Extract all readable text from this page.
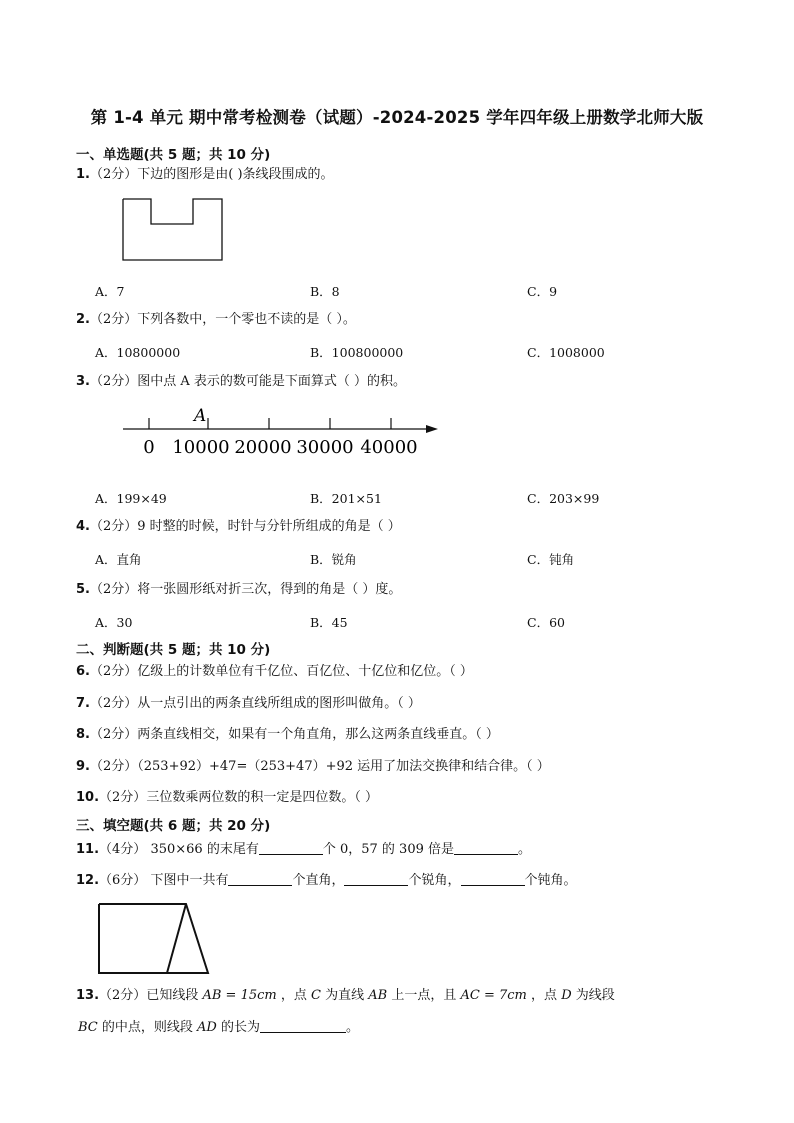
第 1-4 单元 期中常考检测卷（试题）-2024-2025 学年四年级上册数学北师大版
一、单选题(共 5 题；共 10 分)
1.（2分）下边的图形是由( )条线段围成的。
A．7	B．8	C．9
2.（2分）下列各数中，一个零也不读的是（ ）。
A．10800000	B．100800000	C．1008000
3.（2分）图中点 A 表示的数可能是下面算式（ ）的积。
A
0 10000 20000 30000 40000
A．199×49	B．201×51	C．203×99
4.（2分）9 时整的时候，时针与分针所组成的角是（ ）
A．直角	B．锐角	C．钝角
5.（2分）将一张圆形纸对折三次，得到的角是（ ）度。
A．30	B．45	C．60
二、判断题(共 5 题；共 10 分)
6.（2分）亿级上的计数单位有千亿位、百亿位、十亿位和亿位。（ ）
7.（2分）从一点引出的两条直线所组成的图形叫做角。（ ）
8.（2分）两条直线相交，如果有一个角直角，那么这两条直线垂直。（ ）
9.（2分）（253+92）+47=（253+47）+92 运用了加法交换律和结合律。（ ）
10.（2分）三位数乘两位数的积一定是四位数。（ ）
三、填空题(共 6 题；共 20 分)
11.（4分） 350×66 的末尾有	个 0，57 的 309 倍是	。
12.（6分） 下图中一共有	个直角，	个锐角，	个钝角。
13.（2分）已知线段 AB = 15cm ，点 C 为直线 AB 上一点，且 AC = 7cm ，点 D 为线段
BC 的中点，则线段 AD 的长为	。
